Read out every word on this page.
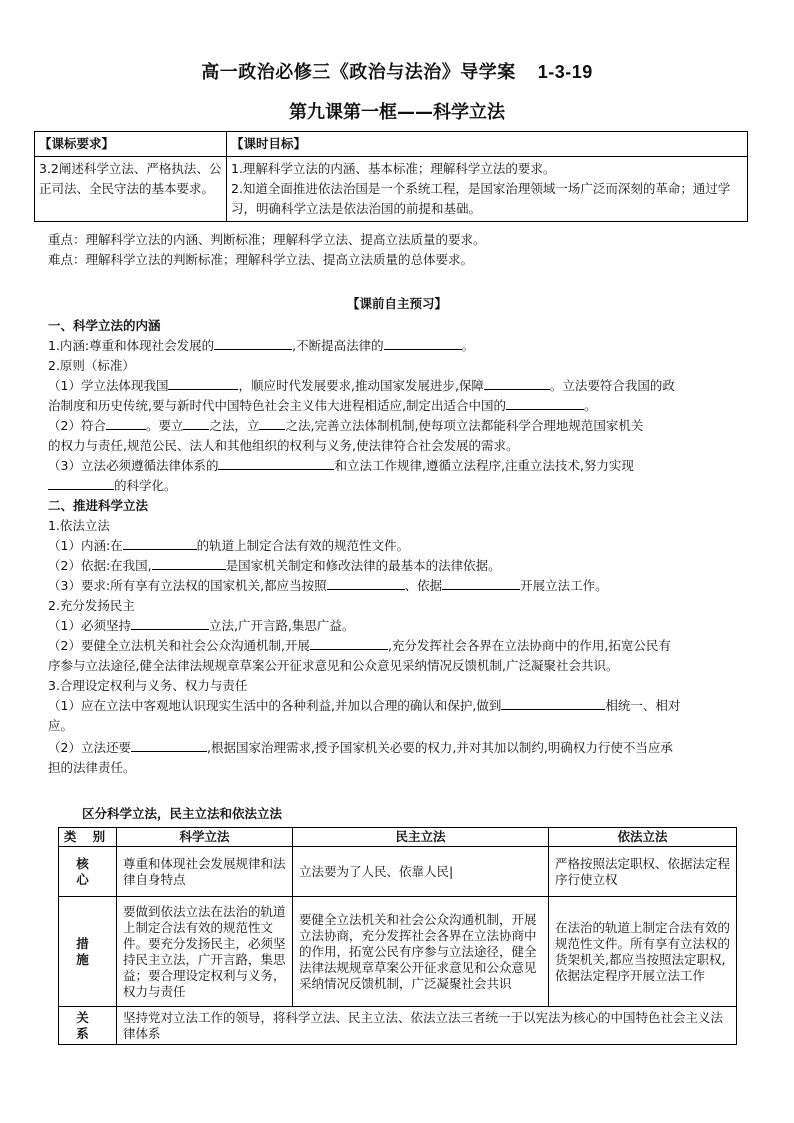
高一政治必修三《政治与法治》导学案 1-3-19
第九课第一框——科学立法
【课标要求】	【课时目标】
3.2阐述科学立法、严格执法、公正司法、全民守法的基本要求。	1.理解科学立法的内涵、基本标准；理解科学立法的要求。
2.知道全面推进依法治国是一个系统工程，是国家治理领域一场广泛而深刻的革命；通过学习，明确科学立法是依法治国的前提和基础。
重点：理解科学立法的内涵、判断标准；理解科学立法、提高立法质量的要求。
难点：理解科学立法的判断标准；理解科学立法、提高立法质量的总体要求。
【课前自主预习】
一、科学立法的内涵
1.内涵:尊重和体现社会发展的	,不断提高法律的	。
2.原则（标准）
（1）学立法体现我国	，顺应时代发展要求,推动国家发展进步,保障	。立法要符合我国的政
治制度和历史传统,要与新时代中国特色社会主义伟大进程相适应,制定出适合中国的	。
（2）符合	。要立 之法，立 之法,完善立法体制机制,使每项立法都能科学合理地规范国家机关
的权力与责任,规范公民、法人和其他组织的权利与义务,使法律符合社会发展的需求。
（3）立法必须遵循法律体系的	和立法工作规律,遵循立法程序,注重立法技术,努力实现
的科学化。
二、推进科学立法
1.依法立法
（1）内涵:在	的轨道上制定合法有效的规范性文件。
（2）依据:在我国,	是国家机关制定和修改法律的最基本的法律依据。
（3）要求:所有享有立法权的国家机关,都应当按照	、依据	开展立法工作。
2.充分发扬民主
（1）必须坚持	立法,广开言路,集思广益。
（2）要健全立法机关和社会公众沟通机制,开展	,充分发挥社会各界在立法协商中的作用,拓宽公民有
序参与立法途径,健全法律法规规章草案公开征求意见和公众意见采纳情况反馈机制,广泛凝聚社会共识。
3.合理设定权利与义务、权力与责任
（1）应在立法中客观地认识现实生活中的各种利益,并加以合理的确认和保护,做到	相统一、相对
应。
（2）立法还要	,根据国家治理需求,授予国家机关必要的权力,并对其加以制约,明确权力行使不当应承
担的法律责任。
区分科学立法，民主立法和依法立法
类 别	科学立法	民主立法	依法立法
核 心	尊重和体现社会发展规律和法律自身特点	立法要为了人民、依靠人民|	严格按照法定职权、依据法定程序行使立权
措 施	要做到依法立法在法治的轨道上制定合法有效的规范性文件。要充分发扬民主，必须坚持民主立法，广开言路，集思益；要合理设定权利与义务，权力与责任	要健全立法机关和社会公众沟通机制，开展立法协商，充分发挥社会各界在立法协商中的作用，拓宽公民有序参与立法途径，健全法律法规规章草案公开征求意见和公众意见采纳情况反馈机制，广泛凝聚社会共识	在法治的轨道上制定合法有效的规范性文件。所有享有立法权的货架机关,都应当按照法定职权,依据法定程序开展立法工作
关 系	坚持党对立法工作的领导，将科学立法、民主立法、依法立法三者统一于以宪法为核心的中国特色社会主义法律体系		
